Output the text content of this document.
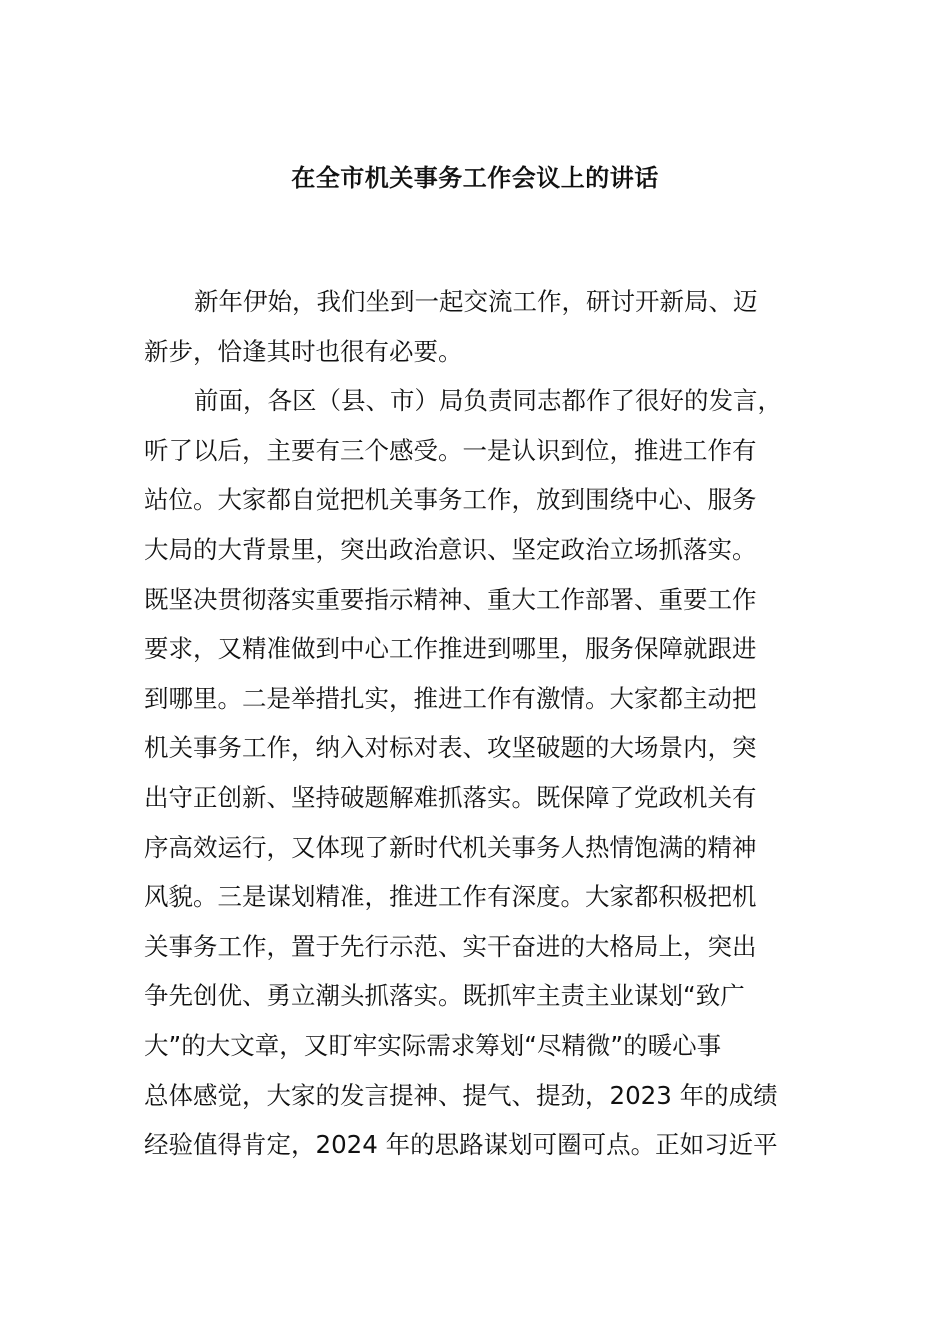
在全市机关事务工作会议上的讲话
新年伊始，我们坐到一起交流工作，研讨开新局、迈
新步，恰逢其时也很有必要。
前面，各区（县、市）局负责同志都作了很好的发言，
听了以后，主要有三个感受。一是认识到位，推进工作有
站位。大家都自觉把机关事务工作，放到围绕中心、服务
大局的大背景里，突出政治意识、坚定政治立场抓落实。
既坚决贯彻落实重要指示精神、重大工作部署、重要工作
要求，又精准做到中心工作推进到哪里，服务保障就跟进
到哪里。二是举措扎实，推进工作有激情。大家都主动把
机关事务工作，纳入对标对表、攻坚破题的大场景内，突
出守正创新、坚持破题解难抓落实。既保障了党政机关有
序高效运行，又体现了新时代机关事务人热情饱满的精神
风貌。三是谋划精准，推进工作有深度。大家都积极把机
关事务工作，置于先行示范、实干奋进的大格局上，突出
争先创优、勇立潮头抓落实。既抓牢主责主业谋划“致广
大”的大文章，又盯牢实际需求筹划“尽精微”的暖心事
总体感觉，大家的发言提神、提气、提劲，2023 年的成绩
经验值得肯定，2024 年的思路谋划可圈可点。正如习近平
